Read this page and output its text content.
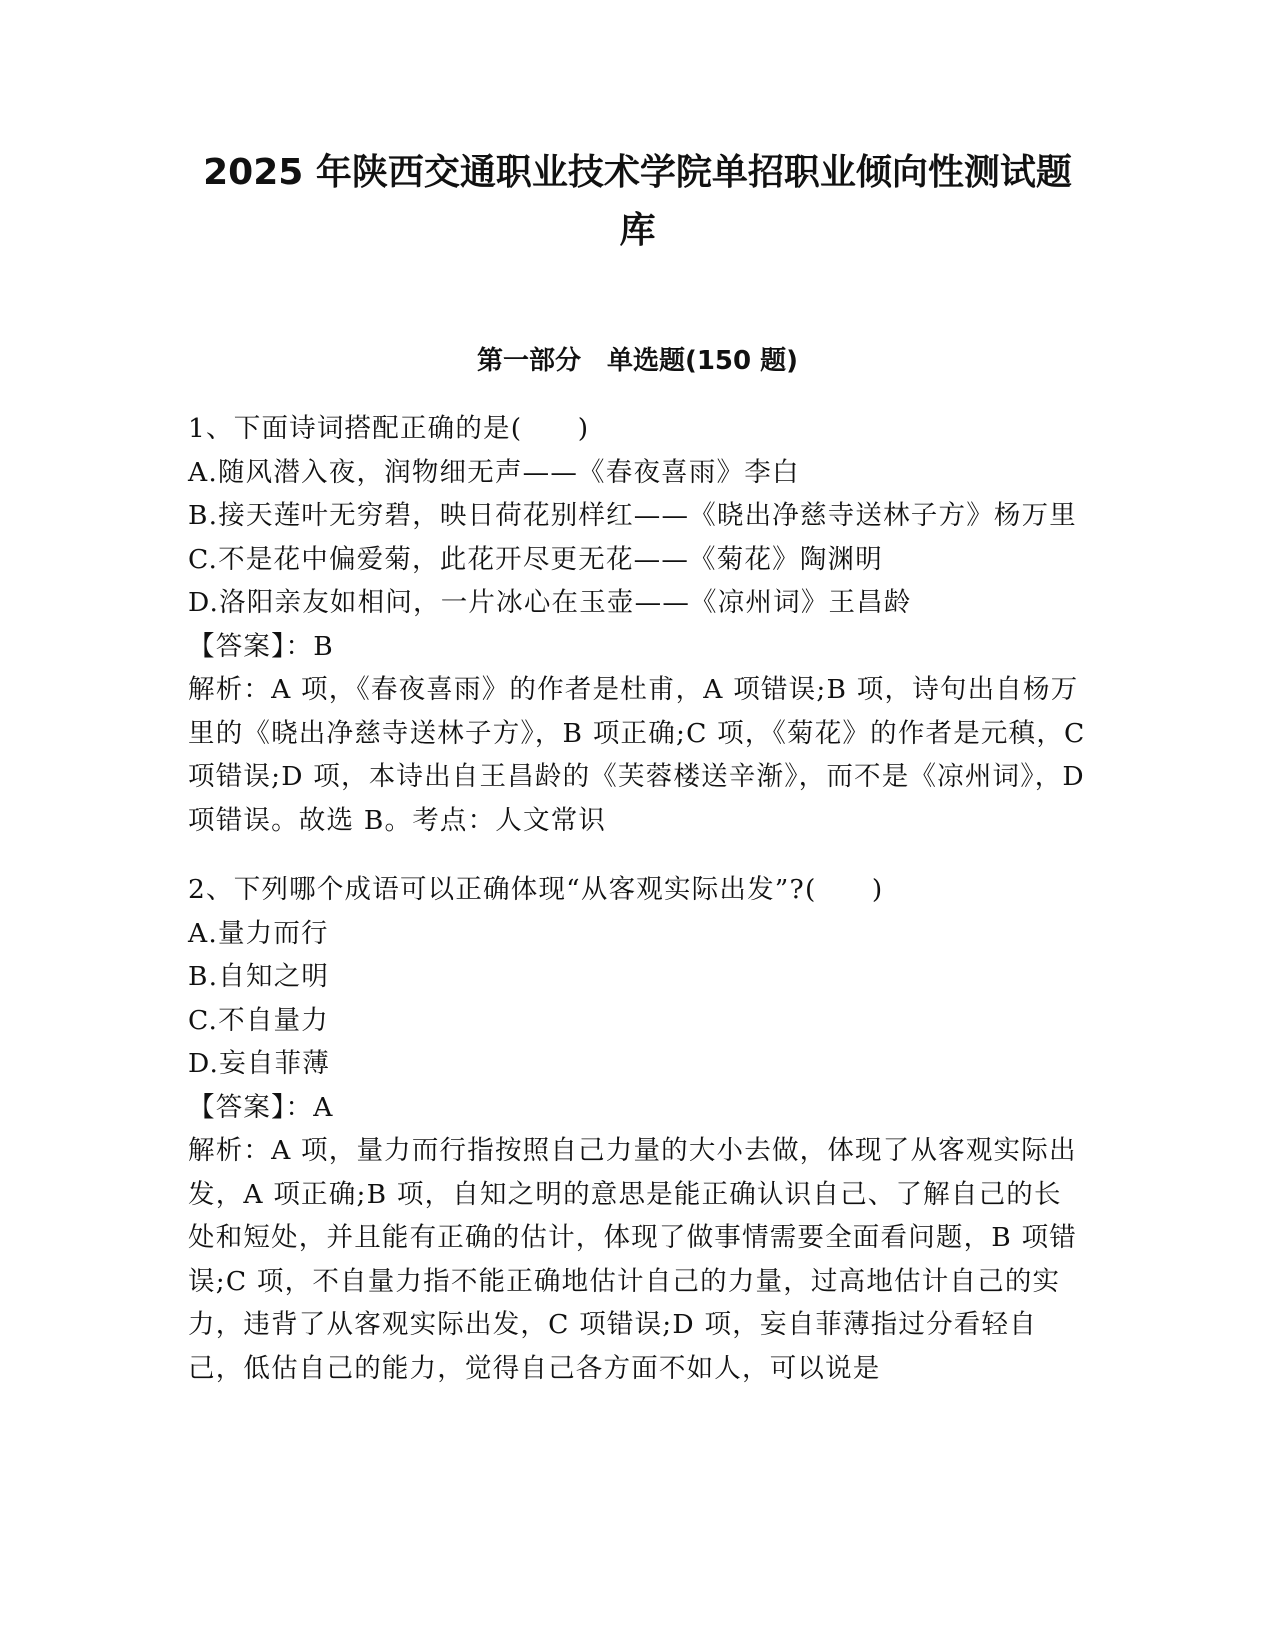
2025 年陕西交通职业技术学院单招职业倾向性测试题
库
第一部分　单选题(150 题)

1、下面诗词搭配正确的是(　　)

A.随风潜入夜，润物细无声——《春夜喜雨》李白

B.接天莲叶无穷碧，映日荷花别样红——《晓出净慈寺送林子方》杨万里

C.不是花中偏爱菊，此花开尽更无花——《菊花》陶渊明

D.洛阳亲友如相问，一片冰心在玉壶——《凉州词》王昌龄

【答案】：B

解析：A 项，《春夜喜雨》的作者是杜甫，A 项错误;B 项，诗句出自杨万里的《晓出净慈寺送林子方》，B 项正确;C 项，《菊花》的作者是元稹，C 项错误;D 项，本诗出自王昌龄的《芙蓉楼送辛渐》，而不是《凉州词》，D 项错误。故选 B。考点：人文常识

2、下列哪个成语可以正确体现“从客观实际出发”?(　　)

A.量力而行

B.自知之明

C.不自量力

D.妄自菲薄

【答案】：A

解析：A 项，量力而行指按照自己力量的大小去做，体现了从客观实际出发，A 项正确;B 项，自知之明的意思是能正确认识自己、了解自己的长处和短处，并且能有正确的估计，体现了做事情需要全面看问题，B 项错误;C 项，不自量力指不能正确地估计自己的力量，过高地估计自己的实力，违背了从客观实际出发，C 项错误;D 项，妄自菲薄指过分看轻自己，低估自己的能力，觉得自己各方面不如人，可以说是
